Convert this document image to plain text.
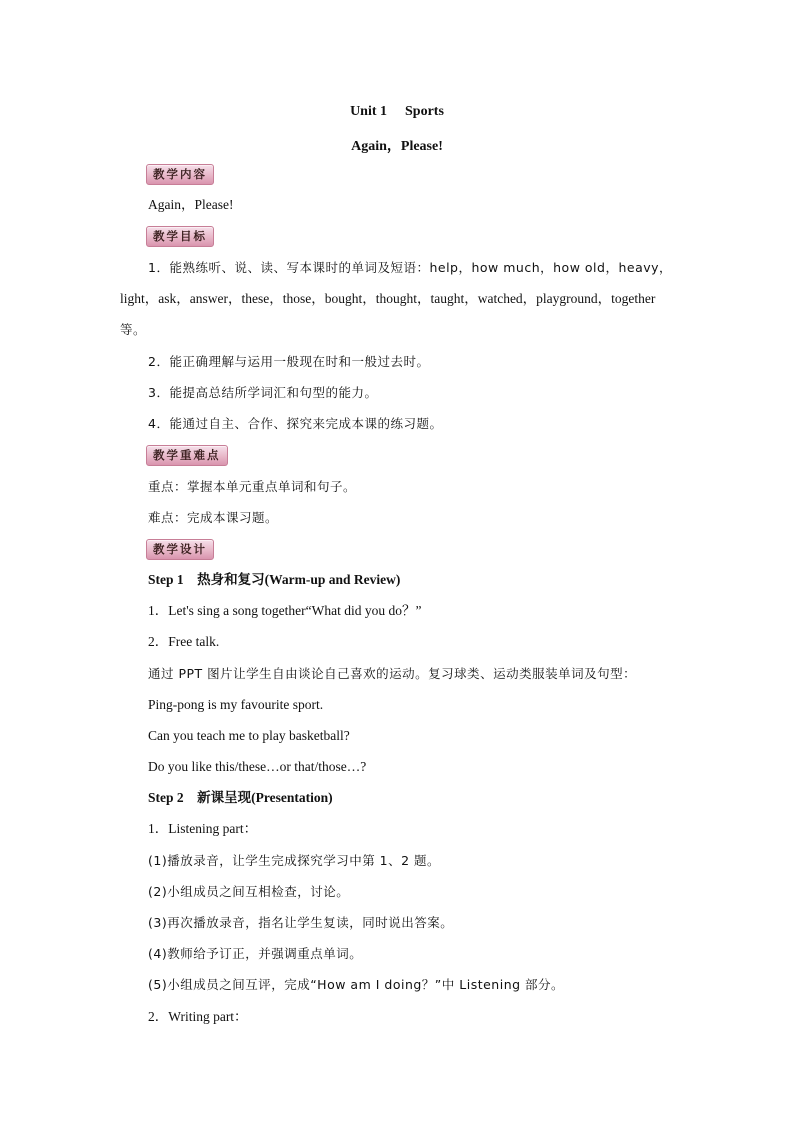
Unit 1 Sports
Again，Please!
教学内容
Again，Please!
教学目标
1．能熟练听、说、读、写本课时的单词及短语：help，how much，how old，heavy，
light，ask，answer，these，those，bought，thought，taught，watched，playground，together
等。
2．能正确理解与运用一般现在时和一般过去时。
3．能提高总结所学词汇和句型的能力。
4．能通过自主、合作、探究来完成本课的练习题。
教学重难点
重点：掌握本单元重点单词和句子。
难点：完成本课习题。
教学设计
Step 1　热身和复习(Warm-up and Review)
1．Let's sing a song together“What did you do？”
2．Free talk.
通过 PPT 图片让学生自由谈论自己喜欢的运动。复习球类、运动类服装单词及句型：
Ping-pong is my favourite sport.
Can you teach me to play basketball?
Do you like this/these…or that/those…?
Step 2　新课呈现(Presentation)
1．Listening part：
(1)播放录音，让学生完成探究学习中第 1、2 题。
(2)小组成员之间互相检查，讨论。
(3)再次播放录音，指名让学生复读，同时说出答案。
(4)教师给予订正，并强调重点单词。
(5)小组成员之间互评，完成“How am I doing？”中 Listening 部分。
2．Writing part：
